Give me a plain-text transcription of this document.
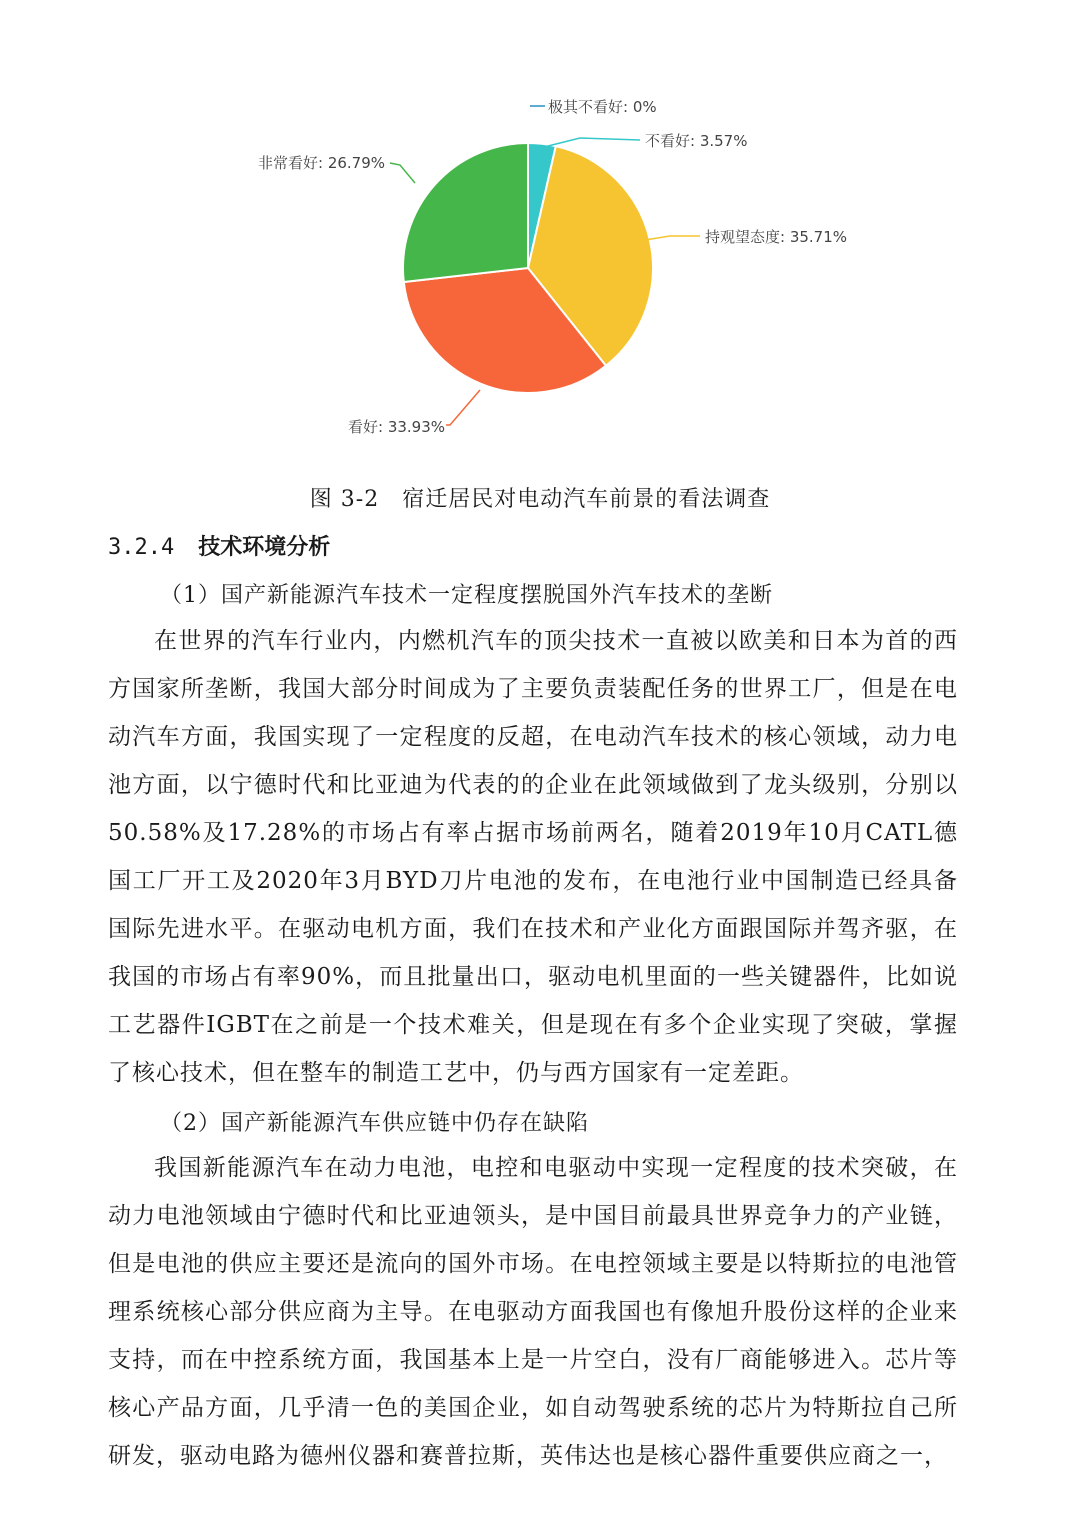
极其不看好: 0%
不看好: 3.57%
持观望态度: 35.71%
看好: 33.93%
非常看好: 26.79%
图 3-2　宿迁居民对电动汽车前景的看法调查
3.2.4 技术环境分析
（1）国产新能源汽车技术一定程度摆脱国外汽车技术的垄断

在世界的汽车行业内，内燃机汽车的顶尖技术一直被以欧美和日本为首的西方国家所垄断，我国大部分时间成为了主要负责装配任务的世界工厂，但是在电动汽车方面，我国实现了一定程度的反超，在电动汽车技术的核心领域，动力电池方面，以宁德时代和比亚迪为代表的的企业在此领域做到了龙头级别，分别以50.58%及17.28%的市场占有率占据市场前两名，随着2019年10月CATL德国工厂开工及2020年3月BYD刀片电池的发布，在电池行业中国制造已经具备国际先进水平。在驱动电机方面，我们在技术和产业化方面跟国际并驾齐驱，在我国的市场占有率90%，而且批量出口，驱动电机里面的一些关键器件，比如说工艺器件IGBT在之前是一个技术难关，但是现在有多个企业实现了突破，掌握了核心技术，但在整车的制造工艺中，仍与西方国家有一定差距。

（2）国产新能源汽车供应链中仍存在缺陷

我国新能源汽车在动力电池，电控和电驱动中实现一定程度的技术突破，在动力电池领域由宁德时代和比亚迪领头，是中国目前最具世界竞争力的产业链，但是电池的供应主要还是流向的国外市场。在电控领域主要是以特斯拉的电池管理系统核心部分供应商为主导。在电驱动方面我国也有像旭升股份这样的企业来支持，而在中控系统方面，我国基本上是一片空白，没有厂商能够进入。芯片等核心产品方面，几乎清一色的美国企业，如自动驾驶系统的芯片为特斯拉自己所研发，驱动电路为德州仪器和赛普拉斯，英伟达也是核心器件重要供应商之一，
